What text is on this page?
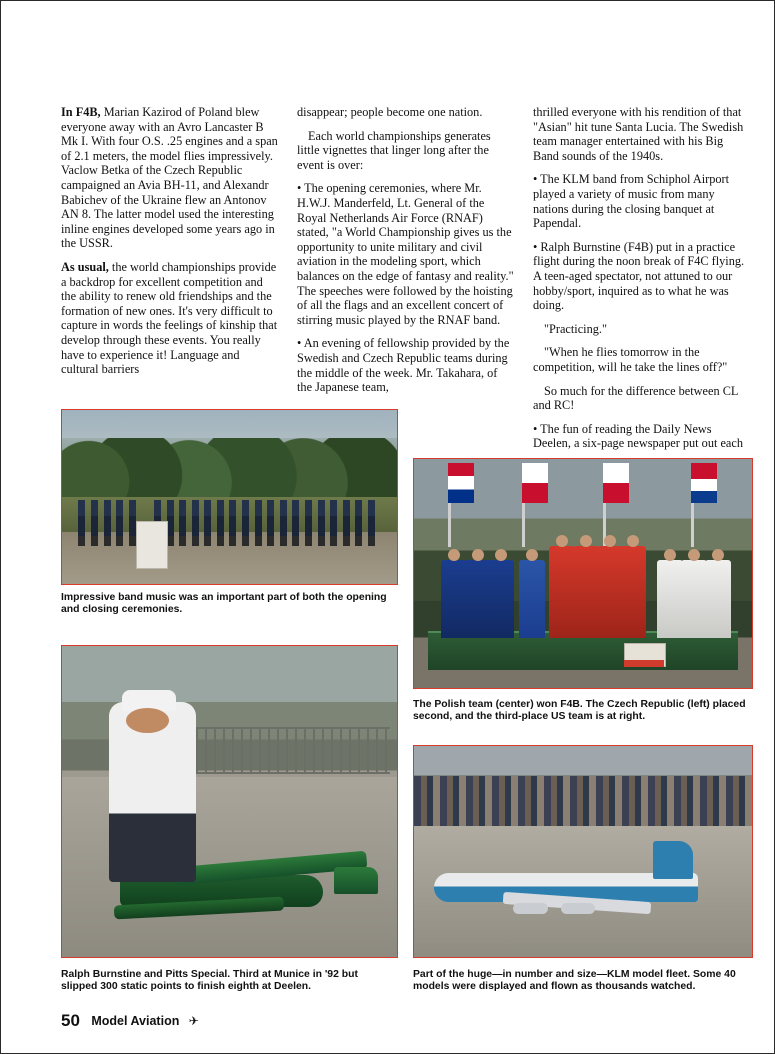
In F4B, Marian Kazirod of Poland blew everyone away with an Avro Lancaster B Mk I. With four O.S. .25 engines and a span of 2.1 meters, the model flies impressively. Vaclow Betka of the Czech Republic campaigned an Avia BH-11, and Alexandr Babichev of the Ukraine flew an Antonov AN 8. The latter model used the interesting inline engines developed some years ago in the USSR.

As usual, the world championships provide a backdrop for excellent competition and the ability to renew old friendships and the formation of new ones. It's very difficult to capture in words the feelings of kinship that develop through these events. You really have to experience it! Language and cultural barriers

disappear; people become one nation.

Each world championships generates little vignettes that linger long after the event is over:

• The opening ceremonies, where Mr. H.W.J. Manderfeld, Lt. General of the Royal Netherlands Air Force (RNAF) stated, "a World Championship gives us the opportunity to unite military and civil aviation in the modeling sport, which balances on the edge of fantasy and reality." The speeches were followed by the hoisting of all the flags and an excellent concert of stirring music played by the RNAF band.

• An evening of fellowship provided by the Swedish and Czech Republic teams during the middle of the week. Mr. Takahara, of the Japanese team,

thrilled everyone with his rendition of that "Asian" hit tune Santa Lucia. The Swedish team manager entertained with his Big Band sounds of the 1940s.

• The KLM band from Schiphol Airport played a variety of music from many nations during the closing banquet at Papendal.

• Ralph Burnstine (F4B) put in a practice flight during the noon break of F4C flying. A teen-aged spectator, not attuned to our hobby/sport, inquired as to what he was doing.

"Practicing."

"When he flies tomorrow in the competition, will he take the lines off?"

So much for the difference between CL and RC!

• The fun of reading the Daily News Deelen, a six-page newspaper put out each

Impressive band music was an important part of both the opening and closing ceremonies.
The Polish team (center) won F4B. The Czech Republic (left) placed second, and the third-place US team is at right.
Ralph Burnstine and Pitts Special. Third at Munice in '92 but slipped 300 static points to finish eighth at Deelen.
Part of the huge—in number and size—KLM model fleet. Some 40 models were displayed and flown as thousands watched.
50 Model Aviation ✈
